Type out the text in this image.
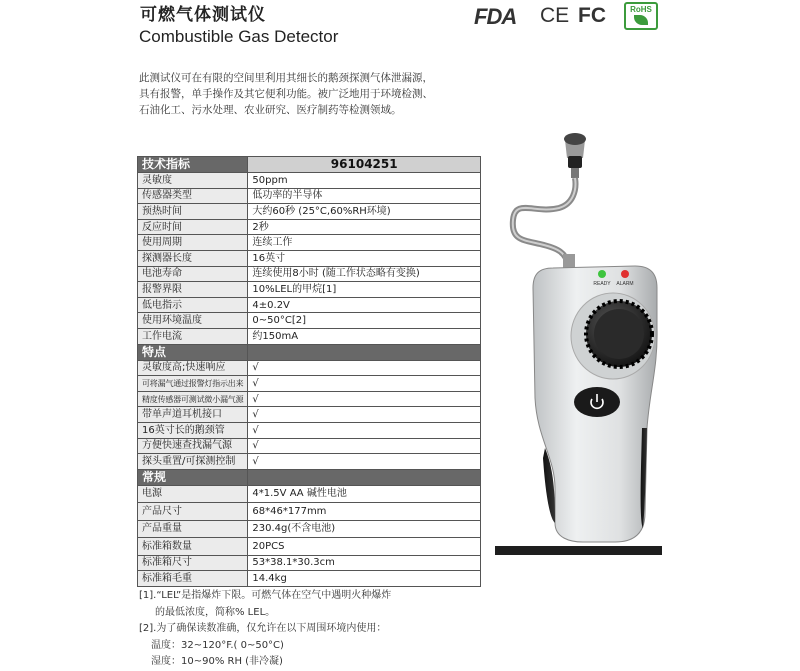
可燃气体测试仪
Combustible Gas Detector
FDA CE FC	RoHS
此测试仪可在有限的空间里利用其细长的鹅颈探测气体泄漏源，具有报警，单手操作及其它便利功能。被广泛地用于环境检测、石油化工、污水处理、农业研究、医疗制药等检测领域。
技术指标	96104251
灵敏度	50ppm
传感器类型	低功率的半导体
预热时间	大约60秒 (25°C,60%RH环境)
反应时间	2秒
使用周期	连续工作
探测器长度	16英寸
电池寿命	连续使用8小时 (随工作状态略有变换)
报警界限	10%LEL的甲烷[1]
低电指示	4±0.2V
使用环境温度	0~50°C[2]
工作电流	约150mA
特点	
灵敏度高;快速响应	√
可将漏气通过报警灯指示出来	√
精度传感器可测试微小漏气源	√
带单声道耳机接口	√
16英寸长的鹅颈管	√
方便快速查找漏气源	√
探头重置/可探测控制	√
常规	
电源	4*1.5V AA 碱性电池
产品尺寸	68*46*177mm
产品重量	230.4g(不含电池)
标准箱数量	20PCS
标准箱尺寸	53*38.1*30.3cm
标准箱毛重	14.4kg
[1].“LEL”是指爆炸下限。可燃气体在空气中遇明火种爆炸
的最低浓度，简称% LEL。
[2].为了确保读数准确，仅允许在以下周围环境内使用：
温度：32~120°F.( 0~50°C)
湿度：10~90% RH (非冷凝)
READY ALARM
